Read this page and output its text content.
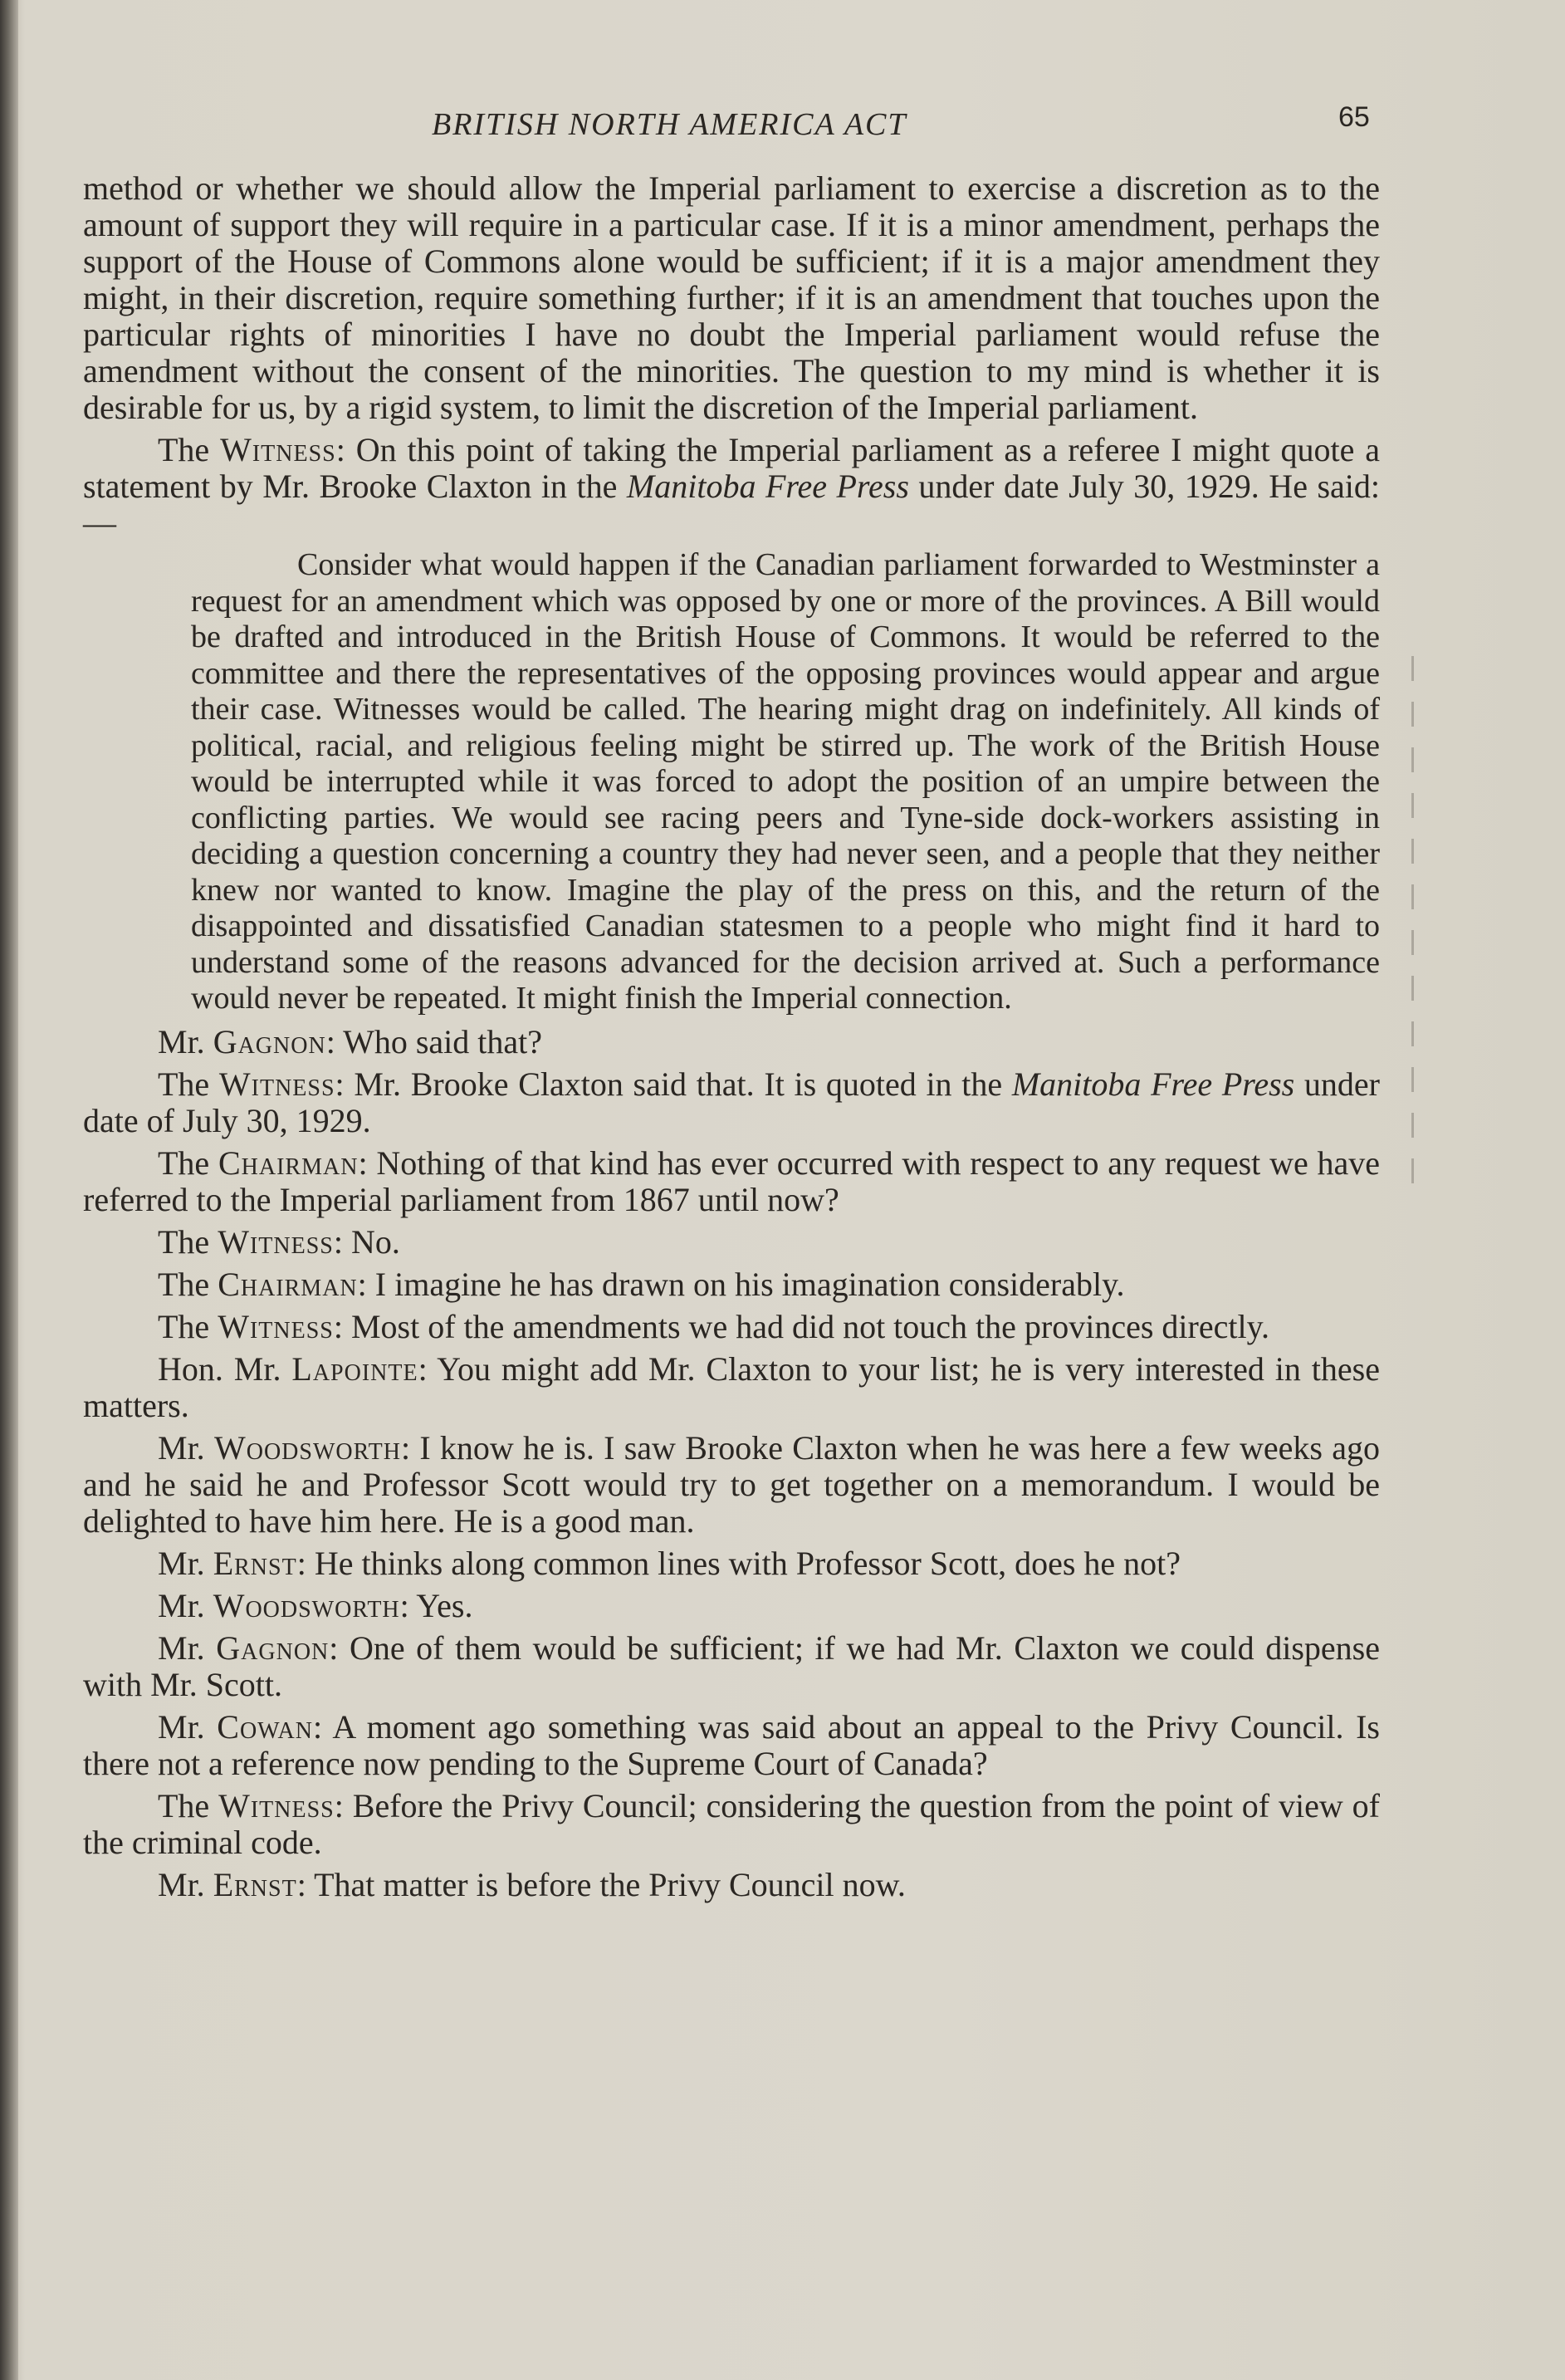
BRITISH NORTH AMERICA ACT	65

method or whether we should allow the Imperial parliament to exercise a discretion as to the amount of support they will require in a particular case. If it is a minor amendment, perhaps the support of the House of Commons alone would be sufficient; if it is a major amendment they might, in their discretion, require something further; if it is an amendment that touches upon the particular rights of minorities I have no doubt the Imperial parliament would refuse the amendment without the consent of the minorities. The question to my mind is whether it is desirable for us, by a rigid system, to limit the discretion of the Imperial parliament.

The Witness: On this point of taking the Imperial parliament as a referee I might quote a statement by Mr. Brooke Claxton in the Manitoba Free Press under date July 30, 1929. He said:—

Consider what would happen if the Canadian parliament forwarded to Westminster a request for an amendment which was opposed by one or more of the provinces. A Bill would be drafted and introduced in the British House of Commons. It would be referred to the committee and there the representatives of the opposing provinces would appear and argue their case. Witnesses would be called. The hearing might drag on indefinitely. All kinds of political, racial, and religious feeling might be stirred up. The work of the British House would be interrupted while it was forced to adopt the position of an umpire between the conflicting parties. We would see racing peers and Tyne-side dock-workers assisting in deciding a question concerning a country they had never seen, and a people that they neither knew nor wanted to know. Imagine the play of the press on this, and the return of the disappointed and dissatisfied Canadian statesmen to a people who might find it hard to understand some of the reasons advanced for the decision arrived at. Such a performance would never be repeated. It might finish the Imperial connection.

Mr. Gagnon: Who said that?

The Witness: Mr. Brooke Claxton said that. It is quoted in the Manitoba Free Press under date of July 30, 1929.

The Chairman: Nothing of that kind has ever occurred with respect to any request we have referred to the Imperial parliament from 1867 until now?

The Witness: No.

The Chairman: I imagine he has drawn on his imagination considerably.

The Witness: Most of the amendments we had did not touch the provinces directly.

Hon. Mr. Lapointe: You might add Mr. Claxton to your list; he is very interested in these matters.

Mr. Woodsworth: I know he is. I saw Brooke Claxton when he was here a few weeks ago and he said he and Professor Scott would try to get together on a memorandum. I would be delighted to have him here. He is a good man.

Mr. Ernst: He thinks along common lines with Professor Scott, does he not?

Mr. Woodsworth: Yes.

Mr. Gagnon: One of them would be sufficient; if we had Mr. Claxton we could dispense with Mr. Scott.

Mr. Cowan: A moment ago something was said about an appeal to the Privy Council. Is there not a reference now pending to the Supreme Court of Canada?

The Witness: Before the Privy Council; considering the question from the point of view of the criminal code.

Mr. Ernst: That matter is before the Privy Council now.
